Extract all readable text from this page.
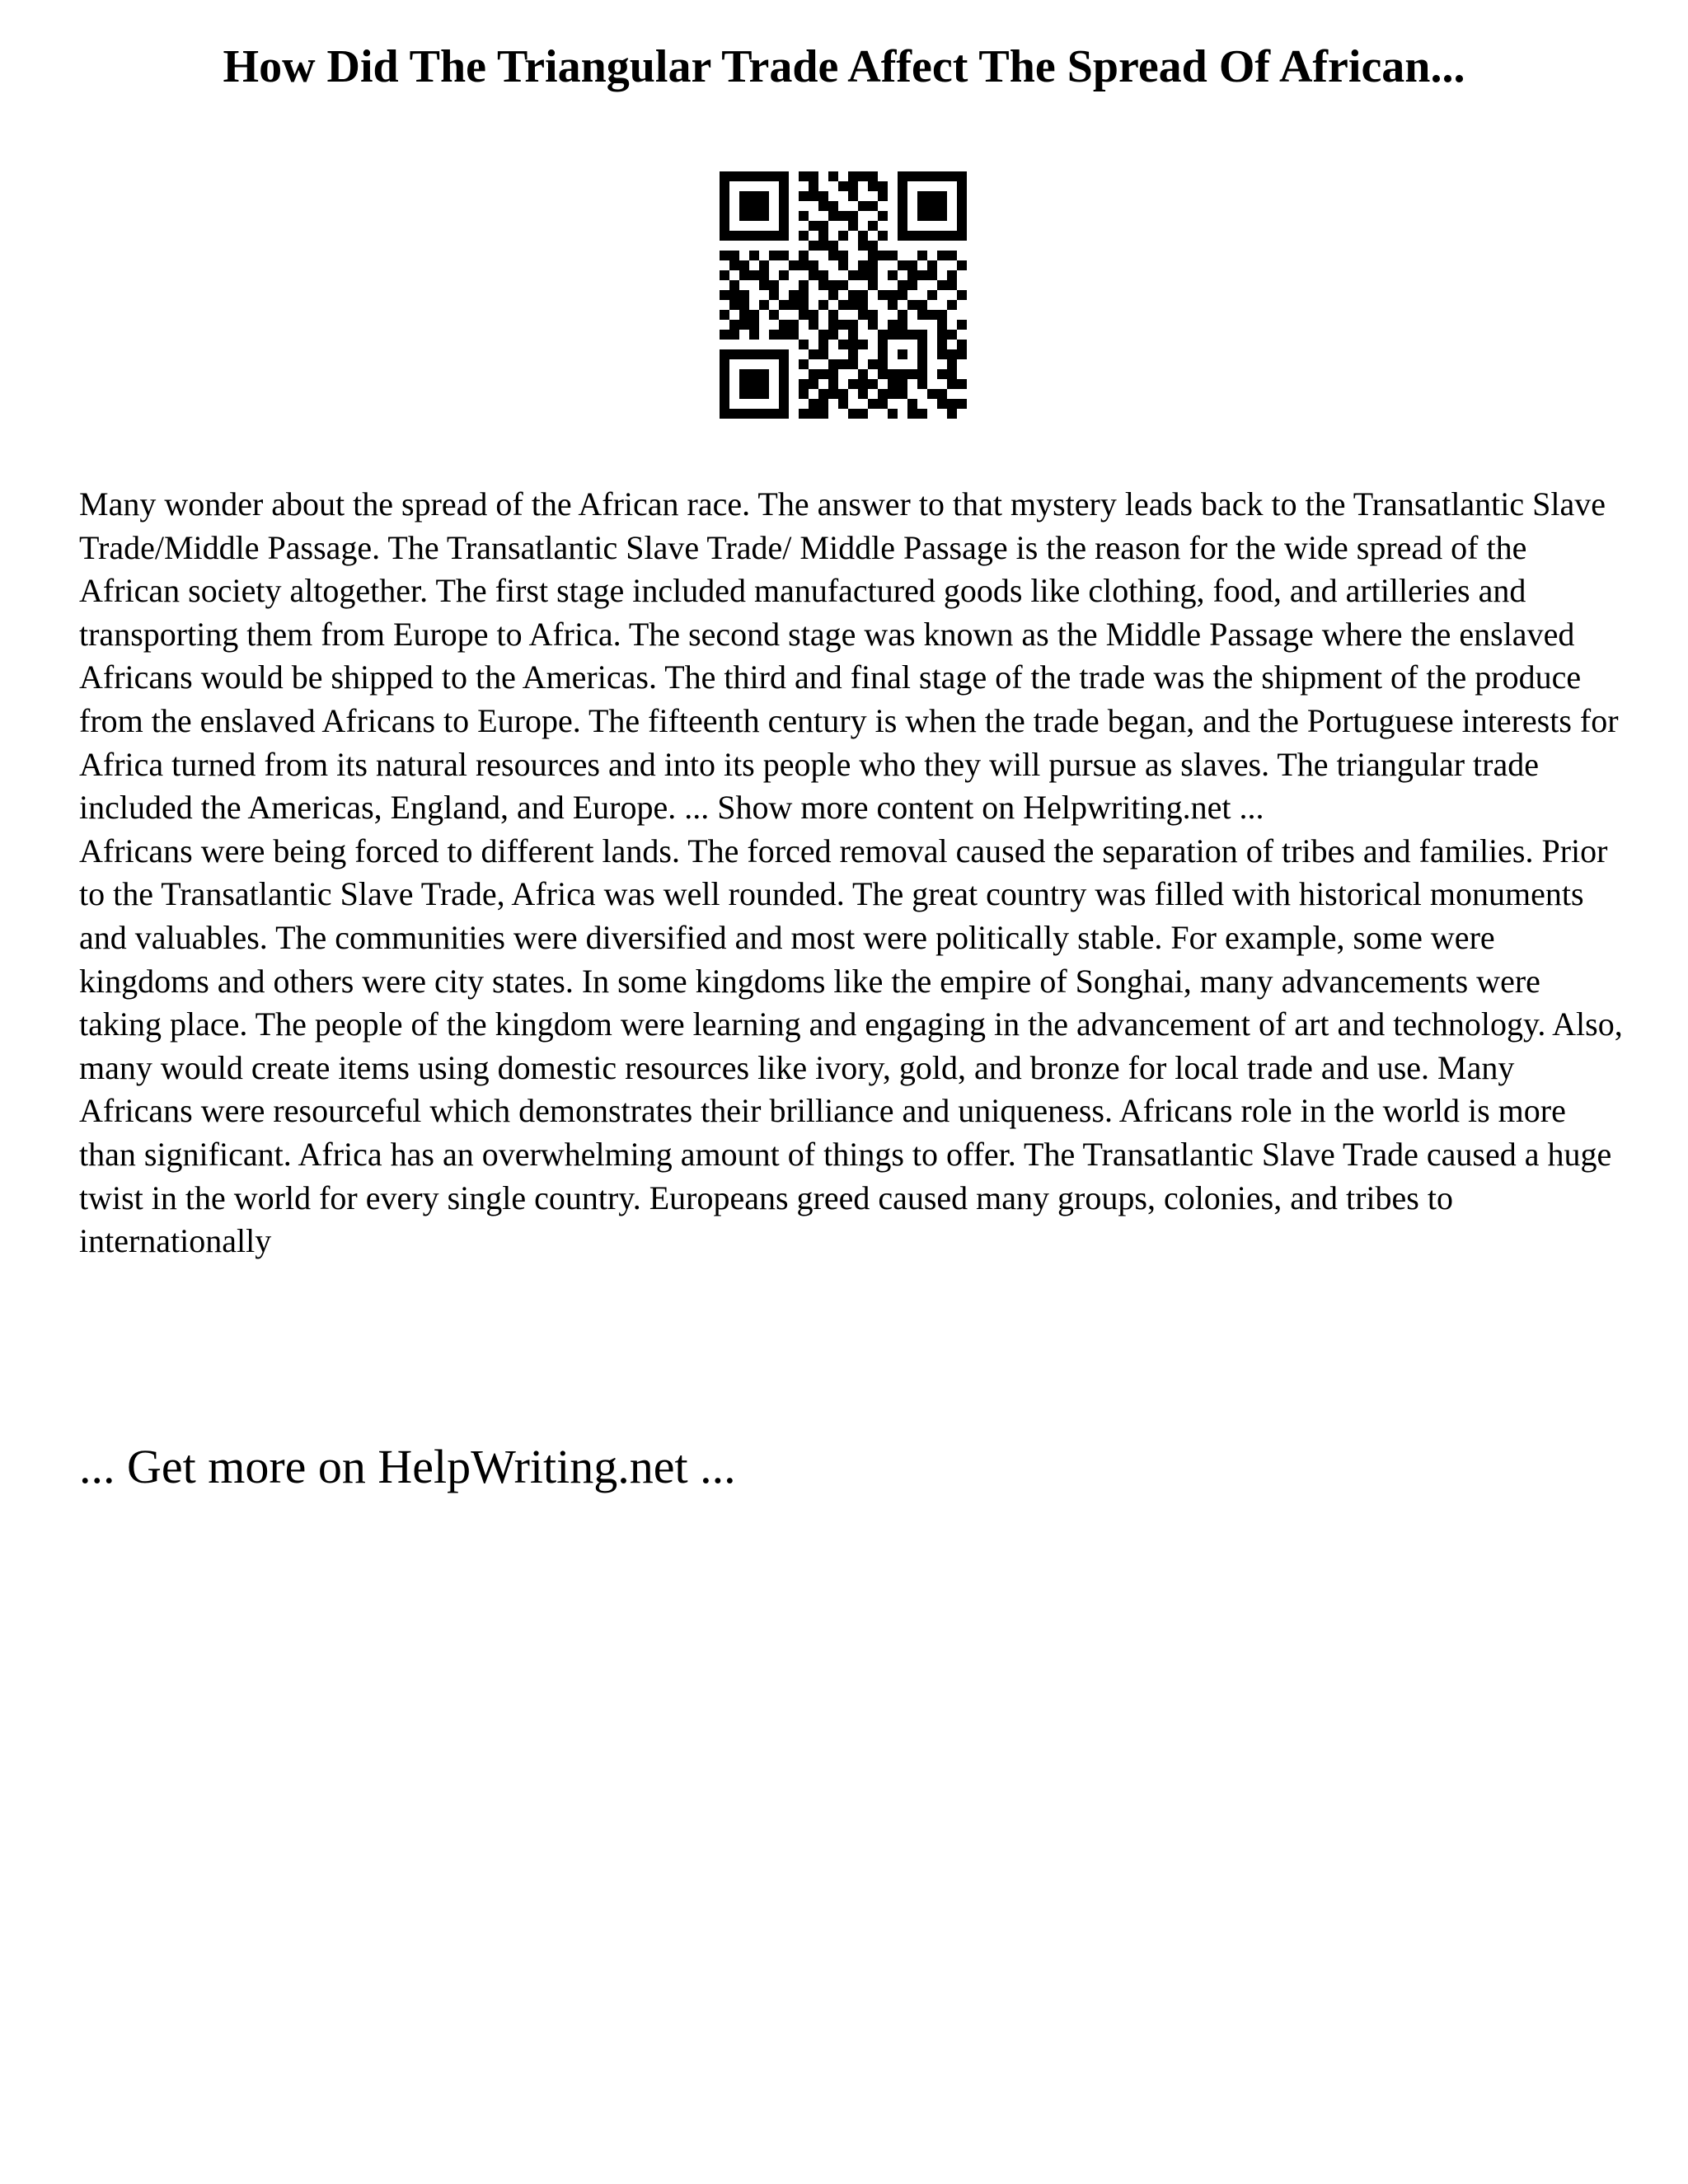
How Did The Triangular Trade Affect The Spread Of African...

Many wonder about the spread of the African race. The answer to that mystery leads back to the Transatlantic Slave Trade/Middle Passage. The Transatlantic Slave Trade/ Middle Passage is the reason for the wide spread of the African society altogether. The first stage included manufactured goods like clothing, food, and artilleries and transporting them from Europe to Africa. The second stage was known as the Middle Passage where the enslaved Africans would be shipped to the Americas. The third and final stage of the trade was the shipment of the produce from the enslaved Africans to Europe. The fifteenth century is when the trade began, and the Portuguese interests for Africa turned from its natural resources and into its people who they will pursue as slaves. The triangular trade included the Americas, England, and Europe. ... Show more content on Helpwriting.net ...

Africans were being forced to different lands. The forced removal caused the separation of tribes and families. Prior to the Transatlantic Slave Trade, Africa was well rounded. The great country was filled with historical monuments and valuables. The communities were diversified and most were politically stable. For example, some were kingdoms and others were city states. In some kingdoms like the empire of Songhai, many advancements were taking place. The people of the kingdom were learning and engaging in the advancement of art and technology. Also, many would create items using domestic resources like ivory, gold, and bronze for local trade and use. Many Africans were resourceful which demonstrates their brilliance and uniqueness. Africans role in the world is more than significant. Africa has an overwhelming amount of things to offer. The Transatlantic Slave Trade caused a huge twist in the world for every single country. Europeans greed caused many groups, colonies, and tribes to internationally

... Get more on HelpWriting.net ...
